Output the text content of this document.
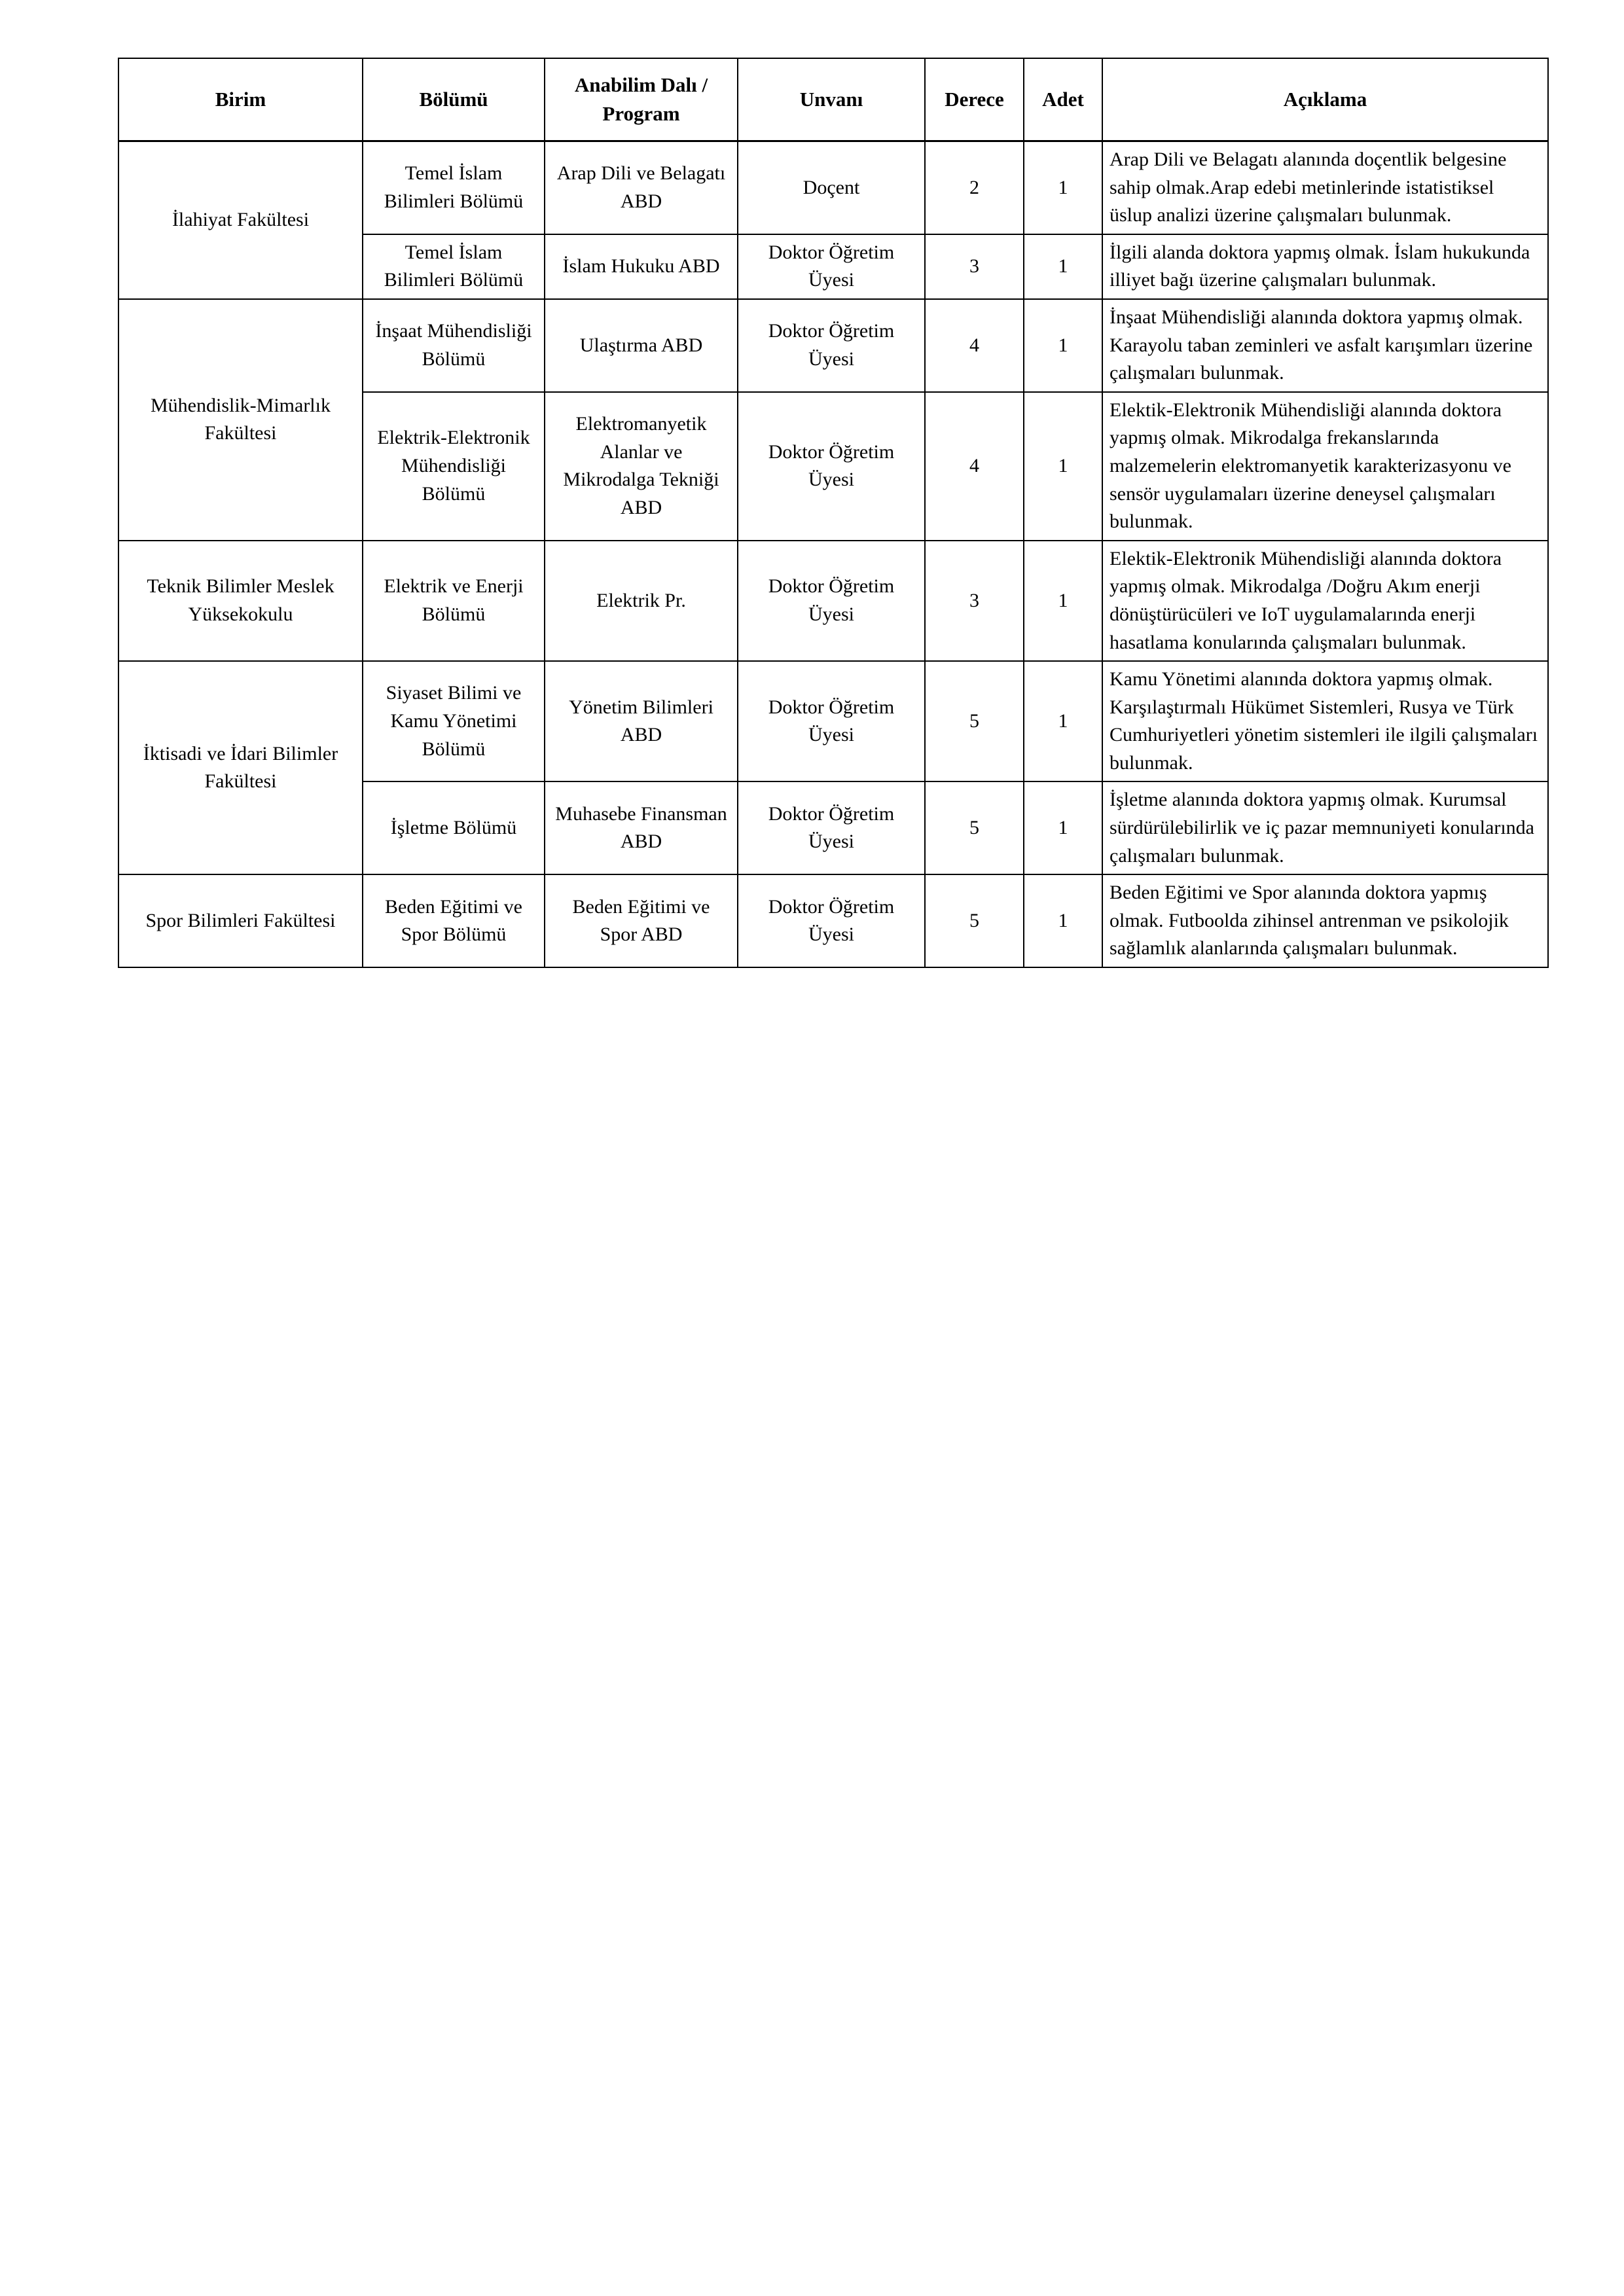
Birim	Bölümü	Anabilim Dalı / Program	Unvanı	Derece	Adet	Açıklama
İlahiyat Fakültesi	Temel İslam Bilimleri Bölümü	Arap Dili ve Belagatı ABD	Doçent	2	1	Arap Dili ve Belagatı alanında doçentlik belgesine sahip olmak.Arap edebi metinlerinde istatistiksel üslup analizi üzerine çalışmaları bulunmak.
	Temel İslam Bilimleri Bölümü	İslam Hukuku ABD	Doktor Öğretim Üyesi	3	1	İlgili alanda doktora yapmış olmak. İslam hukukunda illiyet bağı üzerine çalışmaları bulunmak.
Mühendislik-Mimarlık Fakültesi	İnşaat Mühendisliği Bölümü	Ulaştırma ABD	Doktor Öğretim Üyesi	4	1	İnşaat Mühendisliği alanında doktora yapmış olmak. Karayolu taban zeminleri ve asfalt karışımları üzerine çalışmaları bulunmak.
	Elektrik-Elektronik Mühendisliği Bölümü	Elektromanyetik Alanlar ve Mikrodalga Tekniği ABD	Doktor Öğretim Üyesi	4	1	Elektik-Elektronik Mühendisliği alanında doktora yapmış olmak. Mikrodalga frekanslarında malzemelerin elektromanyetik karakterizasyonu ve sensör uygulamaları üzerine deneysel çalışmaları bulunmak.
Teknik Bilimler Meslek Yüksekokulu	Elektrik ve Enerji Bölümü	Elektrik Pr.	Doktor Öğretim Üyesi	3	1	Elektik-Elektronik Mühendisliği alanında doktora yapmış olmak. Mikrodalga /Doğru Akım enerji dönüştürücüleri ve IoT uygulamalarında enerji hasatlama konularında çalışmaları bulunmak.
İktisadi ve İdari Bilimler Fakültesi	Siyaset Bilimi ve Kamu Yönetimi Bölümü	Yönetim Bilimleri ABD	Doktor Öğretim Üyesi	5	1	Kamu Yönetimi alanında doktora yapmış olmak. Karşılaştırmalı Hükümet Sistemleri, Rusya ve Türk Cumhuriyetleri yönetim sistemleri ile ilgili çalışmaları bulunmak.
	İşletme Bölümü	Muhasebe Finansman ABD	Doktor Öğretim Üyesi	5	1	İşletme alanında doktora yapmış olmak. Kurumsal sürdürülebilirlik ve iç pazar memnuniyeti konularında çalışmaları bulunmak.
Spor Bilimleri Fakültesi	Beden Eğitimi ve Spor Bölümü	Beden Eğitimi ve Spor ABD	Doktor Öğretim Üyesi	5	1	Beden Eğitimi ve Spor alanında doktora yapmış olmak. Futboolda zihinsel antrenman ve psikolojik sağlamlık alanlarında çalışmaları bulunmak.
